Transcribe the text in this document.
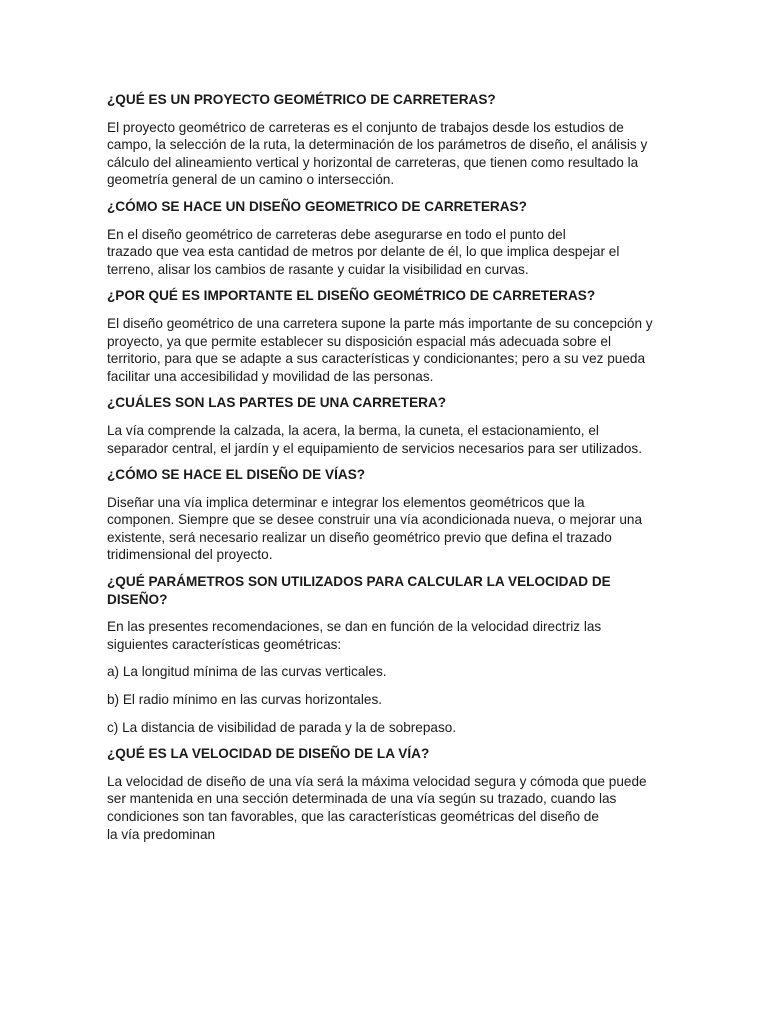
¿QUÉ ES UN PROYECTO GEOMÉTRICO DE CARRETERAS?
El proyecto geométrico de carreteras es el conjunto de trabajos desde los estudios de
campo, la selección de la ruta, la determinación de los parámetros de diseño, el análisis y
cálculo del alineamiento vertical y horizontal de carreteras, que tienen como resultado la
geometría general de un camino o intersección.
¿CÓMO SE HACE UN DISEÑO GEOMETRICO DE CARRETERAS?
En el diseño geométrico de carreteras debe asegurarse en todo el punto del
trazado que vea esta cantidad de metros por delante de él, lo que implica despejar el
terreno, alisar los cambios de rasante y cuidar la visibilidad en curvas.
¿POR QUÉ ES IMPORTANTE EL DISEÑO GEOMÉTRICO DE CARRETERAS?
El diseño geométrico de una carretera supone la parte más importante de su concepción y
proyecto, ya que permite establecer su disposición espacial más adecuada sobre el
territorio, para que se adapte a sus características y condicionantes; pero a su vez pueda
facilitar una accesibilidad y movilidad de las personas.
¿CUÁLES SON LAS PARTES DE UNA CARRETERA?
La vía comprende la calzada, la acera, la berma, la cuneta, el estacionamiento, el
separador central, el jardín y el equipamiento de servicios necesarios para ser utilizados.
¿CÓMO SE HACE EL DISEÑO DE VÍAS?
Diseñar una vía implica determinar e integrar los elementos geométricos que la
componen. Siempre que se desee construir una vía acondicionada nueva, o mejorar una
existente, será necesario realizar un diseño geométrico previo que defina el trazado
tridimensional del proyecto.
¿QUÉ PARÁMETROS SON UTILIZADOS PARA CALCULAR LA VELOCIDAD DE
DISEÑO?
En las presentes recomendaciones, se dan en función de la velocidad directriz las
siguientes características geométricas:
a) La longitud mínima de las curvas verticales.
b) El radio mínimo en las curvas horizontales.
c) La distancia de visibilidad de parada y la de sobrepaso.
¿QUÉ ES LA VELOCIDAD DE DISEÑO DE LA VÍA?
La velocidad de diseño de una vía será la máxima velocidad segura y cómoda que puede
ser mantenida en una sección determinada de una vía según su trazado, cuando las
condiciones son tan favorables, que las características geométricas del diseño de
la vía predominan
